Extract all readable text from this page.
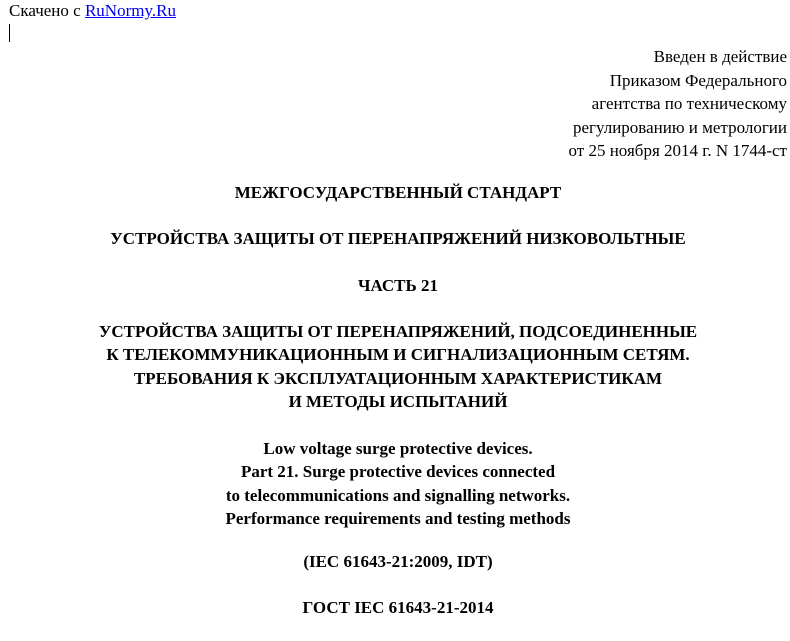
Скачено с RuNormy.Ru
Введен в действие
Приказом Федерального
агентства по техническому
регулированию и метрологии
от 25 ноября 2014 г. N 1744-ст
МЕЖГОСУДАРСТВЕННЫЙ СТАНДАРТ
УСТРОЙСТВА ЗАЩИТЫ ОТ ПЕРЕНАПРЯЖЕНИЙ НИЗКОВОЛЬТНЫЕ
ЧАСТЬ 21
УСТРОЙСТВА ЗАЩИТЫ ОТ ПЕРЕНАПРЯЖЕНИЙ, ПОДСОЕДИНЕННЫЕ
К ТЕЛЕКОММУНИКАЦИОННЫМ И СИГНАЛИЗАЦИОННЫМ СЕТЯМ.
ТРЕБОВАНИЯ К ЭКСПЛУАТАЦИОННЫМ ХАРАКТЕРИСТИКАМ
И МЕТОДЫ ИСПЫТАНИЙ
Low voltage surge protective devices.
Part 21. Surge protective devices connected
to telecommunications and signalling networks.
Performance requirements and testing methods
(IEC 61643-21:2009, IDT)
ГОСТ IEC 61643-21-2014
